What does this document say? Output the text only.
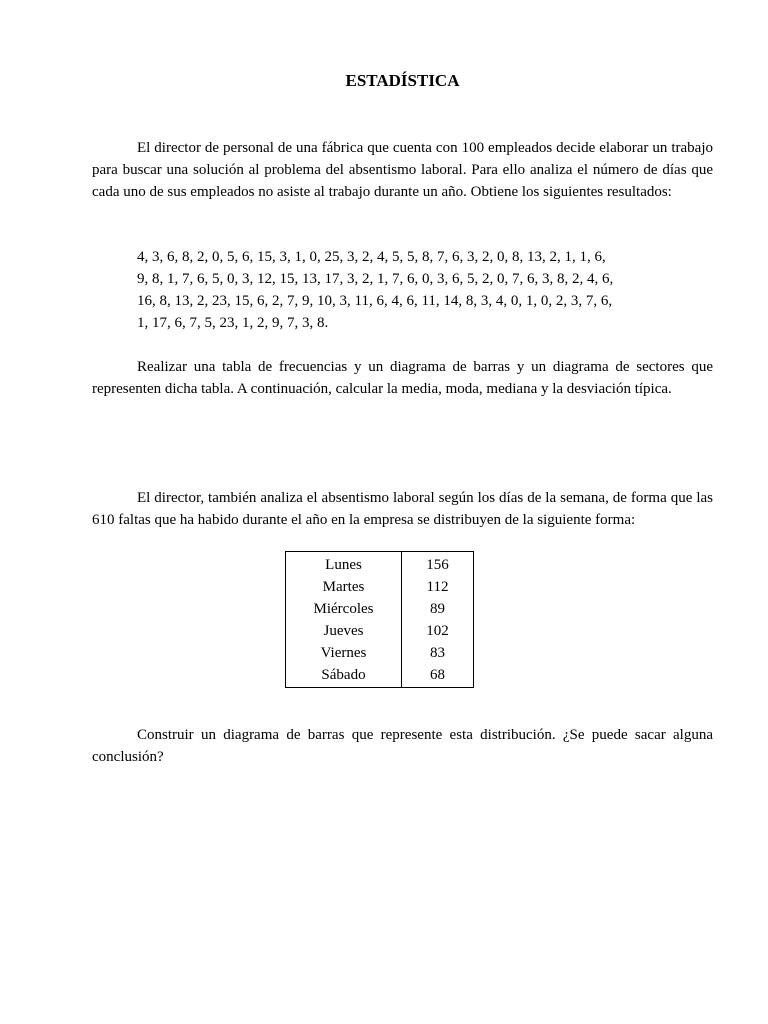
ESTADÍSTICA

El director de personal de una fábrica que cuenta con 100 empleados decide elaborar un trabajo para buscar una solución al problema del absentismo laboral. Para ello analiza el número de días que cada uno de sus empleados no asiste al trabajo durante un año. Obtiene los siguientes resultados:

4, 3, 6, 8, 2, 0, 5, 6, 15, 3, 1, 0, 25, 3, 2, 4, 5, 5, 8, 7, 6, 3, 2, 0, 8, 13, 2, 1, 1, 6,
9, 8, 1, 7, 6, 5, 0, 3, 12, 15, 13, 17, 3, 2, 1, 7, 6, 0, 3, 6, 5, 2, 0, 7, 6, 3, 8, 2, 4, 6,
16, 8, 13, 2, 23, 15, 6, 2, 7, 9, 10, 3, 11, 6, 4, 6, 11, 14, 8, 3, 4, 0, 1, 0, 2, 3, 7, 6,
1, 17, 6, 7, 5, 23, 1, 2, 9, 7, 3, 8.

Realizar una tabla de frecuencias y un diagrama de barras y un diagrama de sectores que representen dicha tabla. A continuación, calcular la media, moda, mediana y la desviación típica.

El director, también analiza el absentismo laboral según los días de la semana, de forma que las 610 faltas que ha habido durante el año en la empresa se distribuyen de la siguiente forma:

Lunes	156
Martes	112
Miércoles	89
Jueves	102
Viernes	83
Sábado	68

Construir un diagrama de barras que represente esta distribución. ¿Se puede sacar alguna conclusión?
